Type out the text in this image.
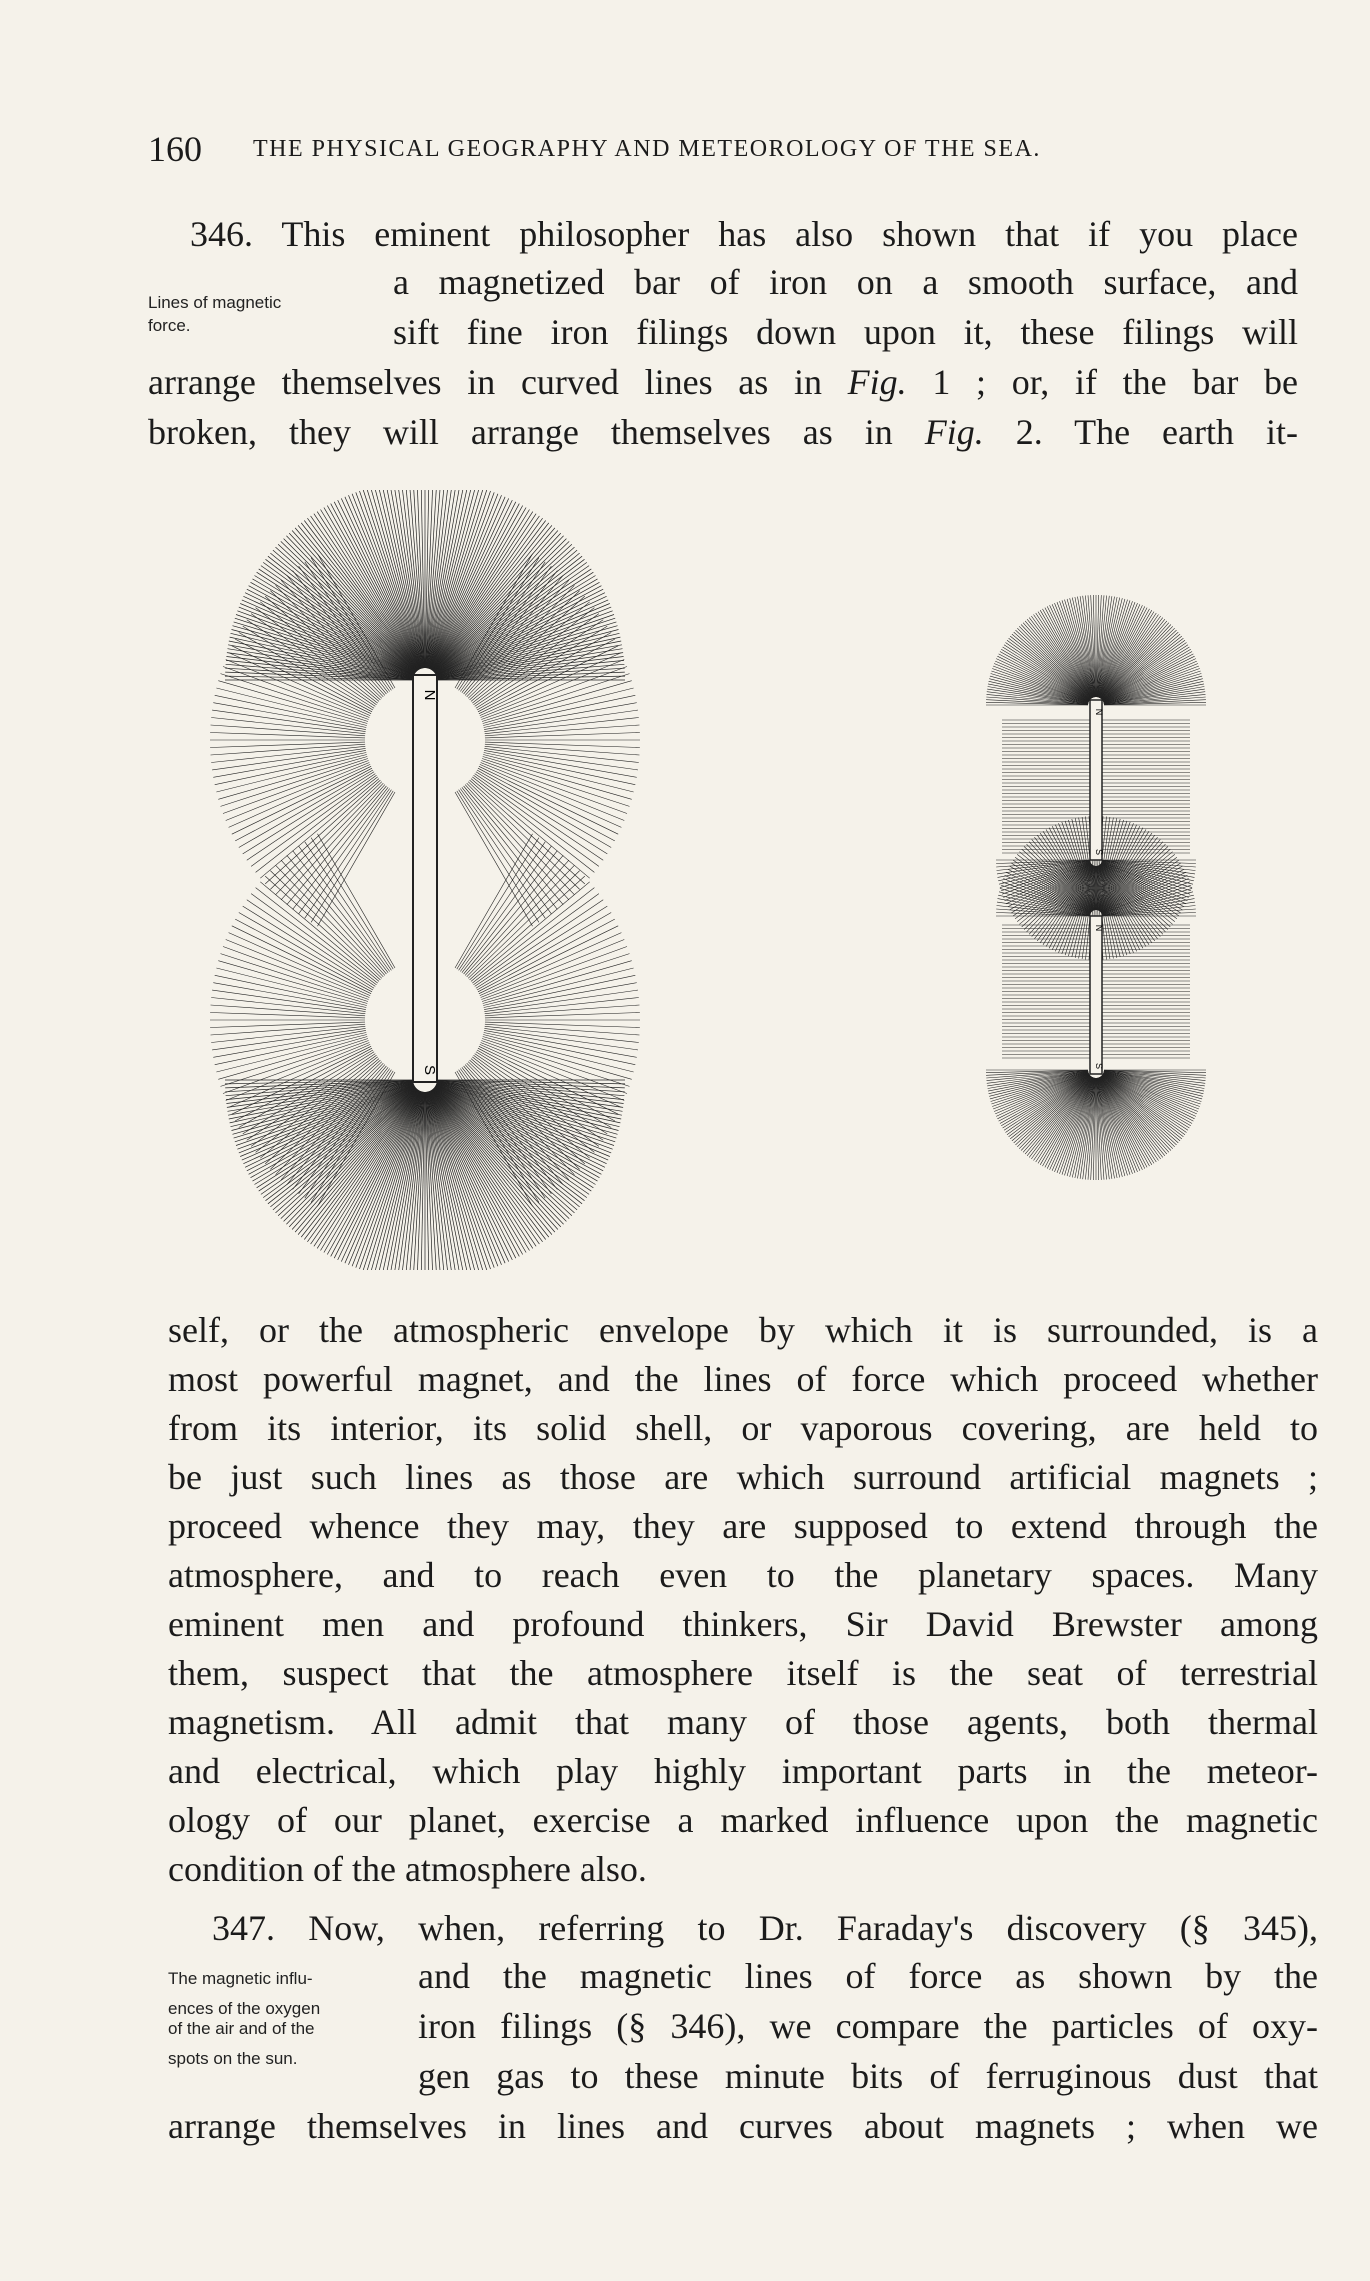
160 THE PHYSICAL GEOGRAPHY AND METEOROLOGY OF THE SEA.
346. This eminent philosopher has also shown that if you place
Lines of magnetic
force.
a magnetized bar of iron on a smooth surface, and
sift fine iron filings down upon it, these filings will
arrange themselves in curved lines as in Fig. 1 ; or, if the bar be
broken, they will arrange themselves as in Fig. 2. The earth it-
N
S
N
S
N
S
self, or the atmospheric envelope by which it is surrounded, is a
most powerful magnet, and the lines of force which proceed whether
from its interior, its solid shell, or vaporous covering, are held to
be just such lines as those are which surround artificial magnets ;
proceed whence they may, they are supposed to extend through the
atmosphere, and to reach even to the planetary spaces. Many
eminent men and profound thinkers, Sir David Brewster among
them, suspect that the atmosphere itself is the seat of terrestrial
magnetism. All admit that many of those agents, both thermal
and electrical, which play highly important parts in the meteor-
ology of our planet, exercise a marked influence upon the magnetic
condition of the atmosphere also.
347. Now, when, referring to Dr. Faraday's discovery (§ 345),
The magnetic influ-
ences of the oxygen
of the air and of the
spots on the sun.
and the magnetic lines of force as shown by the
iron filings (§ 346), we compare the particles of oxy-
gen gas to these minute bits of ferruginous dust that
arrange themselves in lines and curves about magnets ; when we
